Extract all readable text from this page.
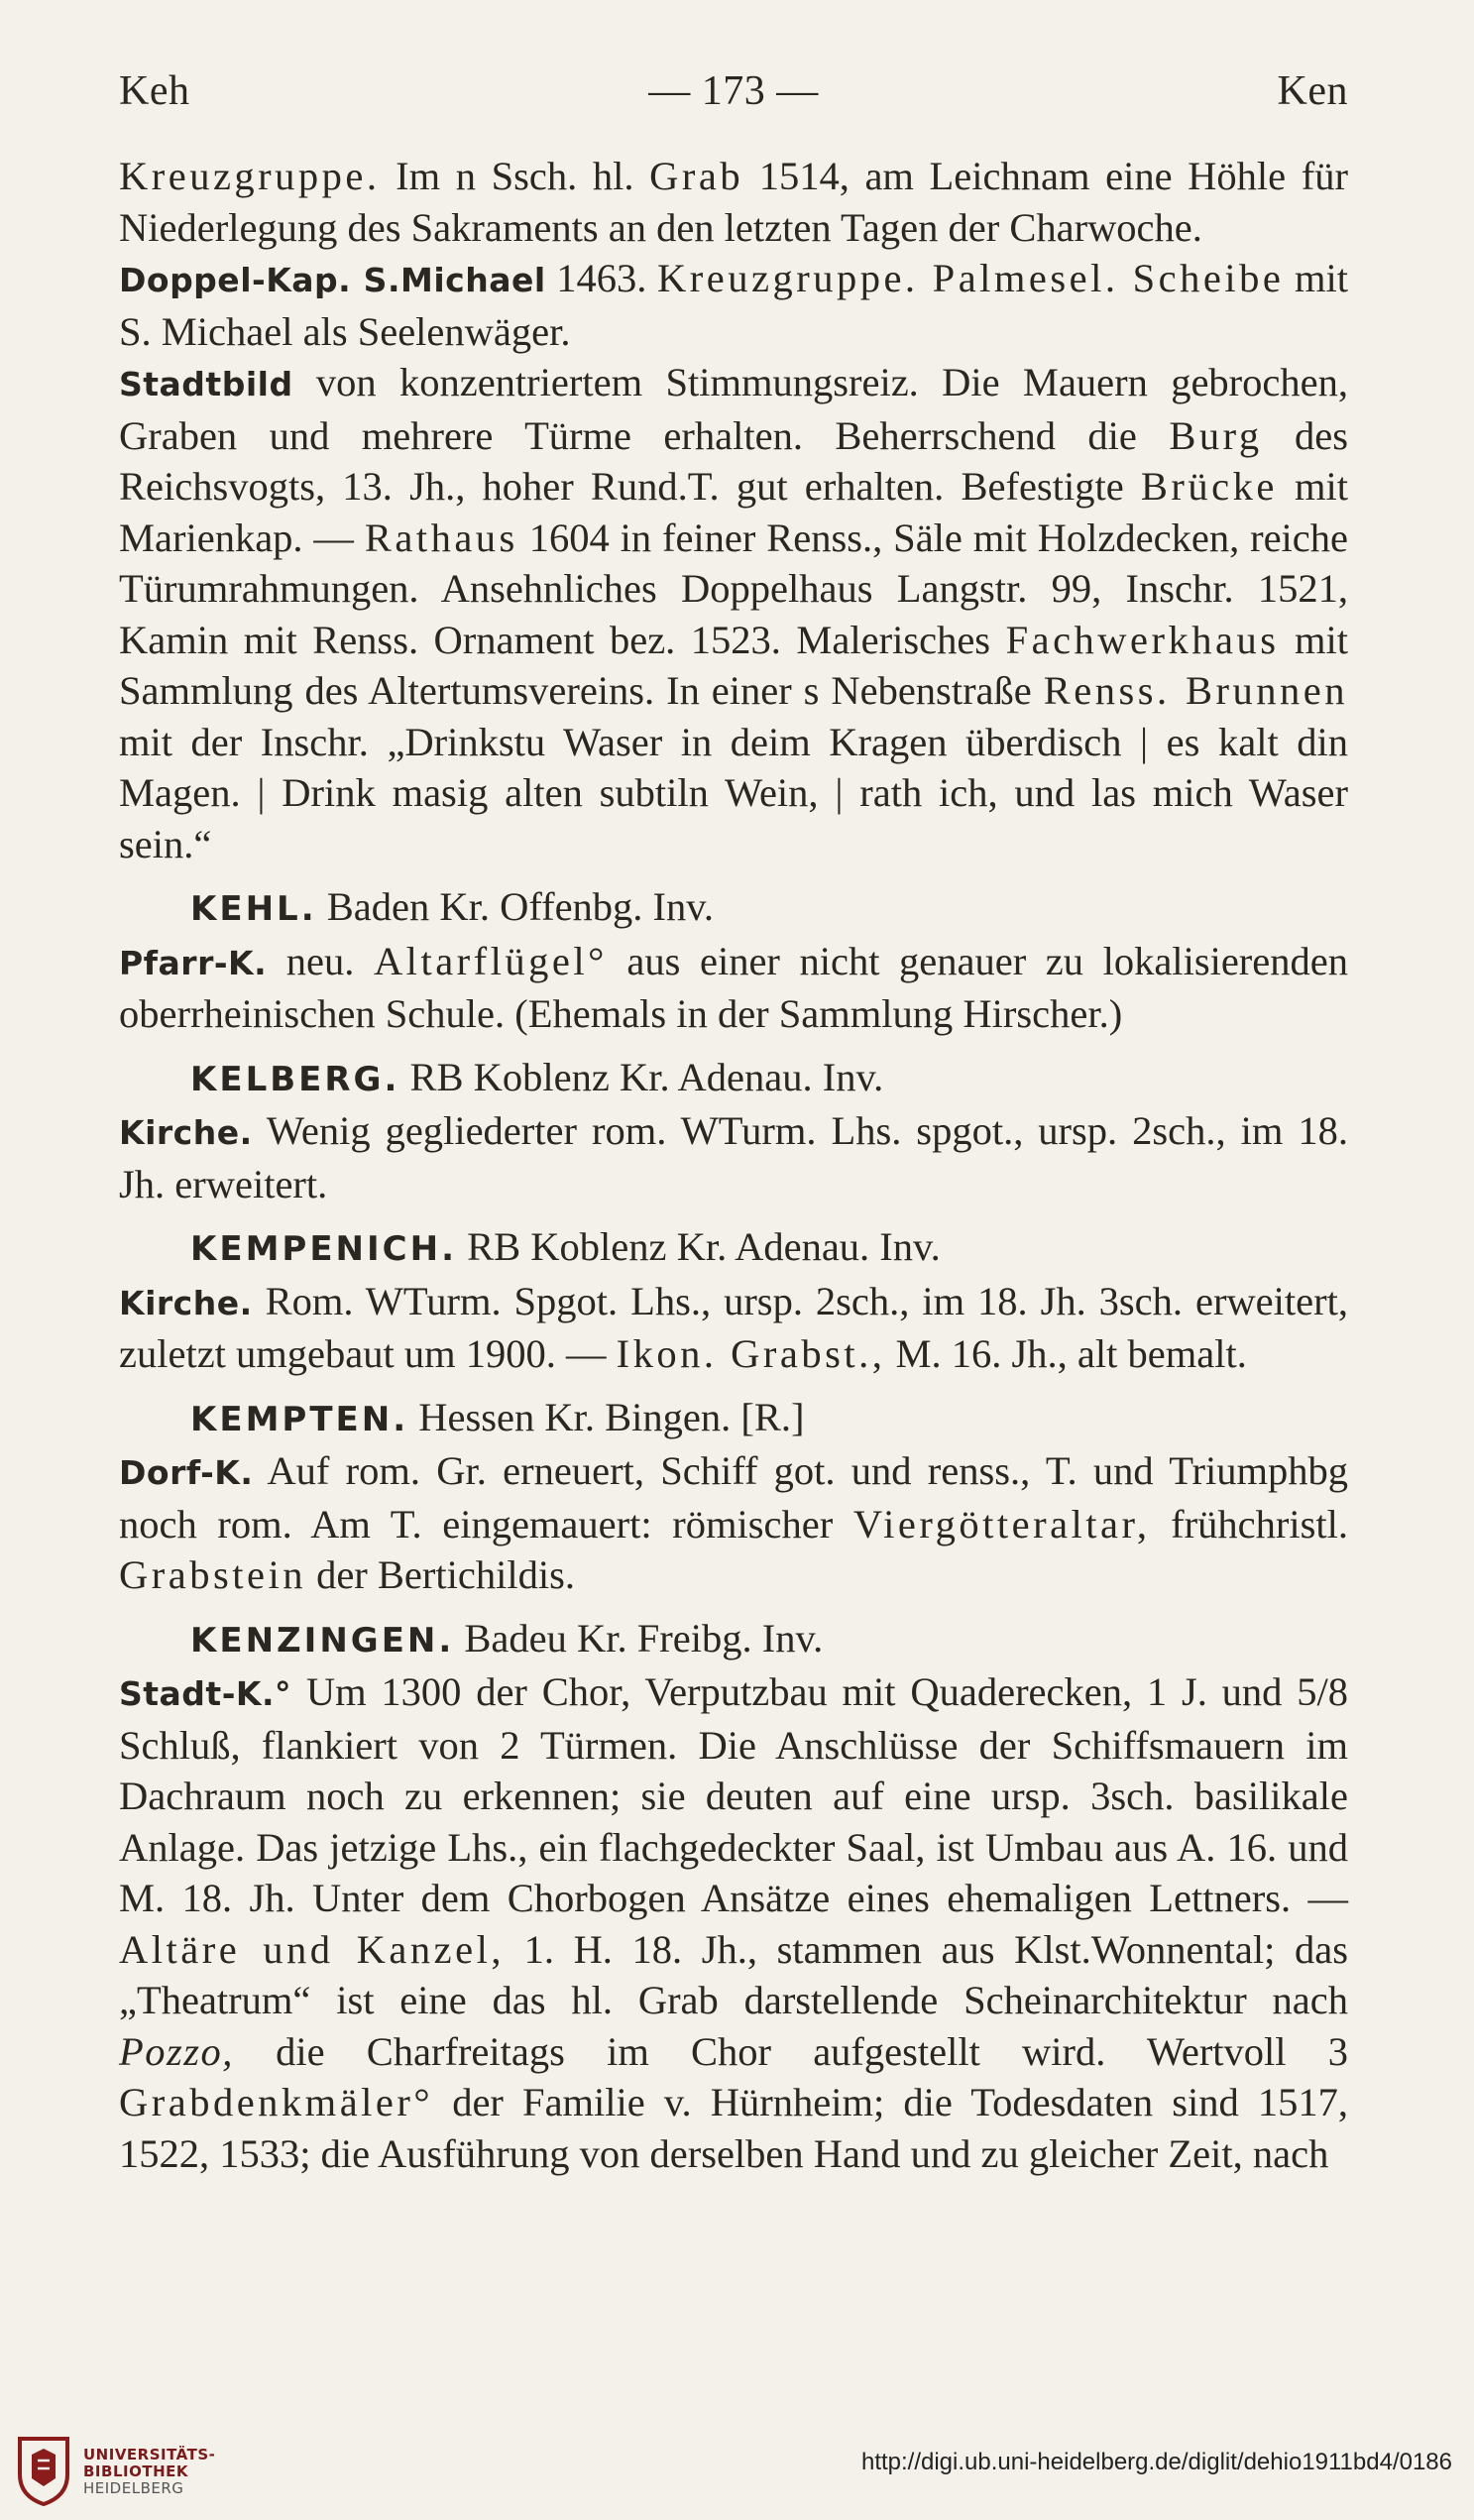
Keh	— 173 —	Ken

Kreuzgruppe. Im n Ssch. hl. Grab 1514, am Leichnam eine Höhle für Niederlegung des Sakraments an den letzten Tagen der Charwoche.

Doppel-Kap. S.Michael 1463. Kreuzgruppe. Palmesel. Scheibe mit S. Michael als Seelenwäger.

Stadtbild von konzentriertem Stimmungsreiz. Die Mauern gebrochen, Graben und mehrere Türme erhalten. Beherrschend die Burg des Reichsvogts, 13. Jh., hoher Rund.T. gut erhalten. Befestigte Brücke mit Marienkap. — Rathaus 1604 in feiner Renss., Säle mit Holzdecken, reiche Türumrahmungen. Ansehnliches Doppelhaus Langstr. 99, Inschr. 1521, Kamin mit Renss. Ornament bez. 1523. Malerisches Fachwerkhaus mit Sammlung des Altertumsvereins. In einer s Nebenstraße Renss. Brunnen mit der Inschr. „Drinkstu Waser in deim Kragen überdisch | es kalt din Magen. | Drink masig alten subtiln Wein, | rath ich, und las mich Waser sein.“

KEHL. Baden Kr. Offenbg. Inv.

Pfarr-K. neu. Altarflügel° aus einer nicht genauer zu lokalisierenden oberrheinischen Schule. (Ehemals in der Sammlung Hirscher.)

KELBERG. RB Koblenz Kr. Adenau. Inv.

Kirche. Wenig gegliederter rom. WTurm. Lhs. spgot., ursp. 2sch., im 18. Jh. erweitert.

KEMPENICH. RB Koblenz Kr. Adenau. Inv.

Kirche. Rom. WTurm. Spgot. Lhs., ursp. 2sch., im 18. Jh. 3sch. erweitert, zuletzt umgebaut um 1900. — Ikon. Grabst., M. 16. Jh., alt bemalt.

KEMPTEN. Hessen Kr. Bingen. [R.]

Dorf-K. Auf rom. Gr. erneuert, Schiff got. und renss., T. und Triumphbg noch rom. Am T. eingemauert: römischer Viergötteraltar, frühchristl. Grabstein der Bertichildis.

KENZINGEN. Badeu Kr. Freibg. Inv.

Stadt-K.° Um 1300 der Chor, Verputzbau mit Quaderecken, 1 J. und 5/8 Schluß, flankiert von 2 Türmen. Die Anschlüsse der Schiffsmauern im Dachraum noch zu erkennen; sie deuten auf eine ursp. 3sch. basilikale Anlage. Das jetzige Lhs., ein flachgedeckter Saal, ist Umbau aus A. 16. und M. 18. Jh. Unter dem Chorbogen Ansätze eines ehemaligen Lettners. — Altäre und Kanzel, 1. H. 18. Jh., stammen aus Klst.Wonnental; das „Theatrum“ ist eine das hl. Grab darstellende Scheinarchitektur nach Pozzo, die Charfreitags im Chor aufgestellt wird. Wertvoll 3 Grabdenkmäler° der Familie v. Hürnheim; die Todesdaten sind 1517, 1522, 1533; die Ausführung von derselben Hand und zu gleicher Zeit, nach

UNIVERSITÄTS-
BIBLIOTHEK
HEIDELBERG
http://digi.ub.uni-heidelberg.de/diglit/dehio1911bd4/0186
